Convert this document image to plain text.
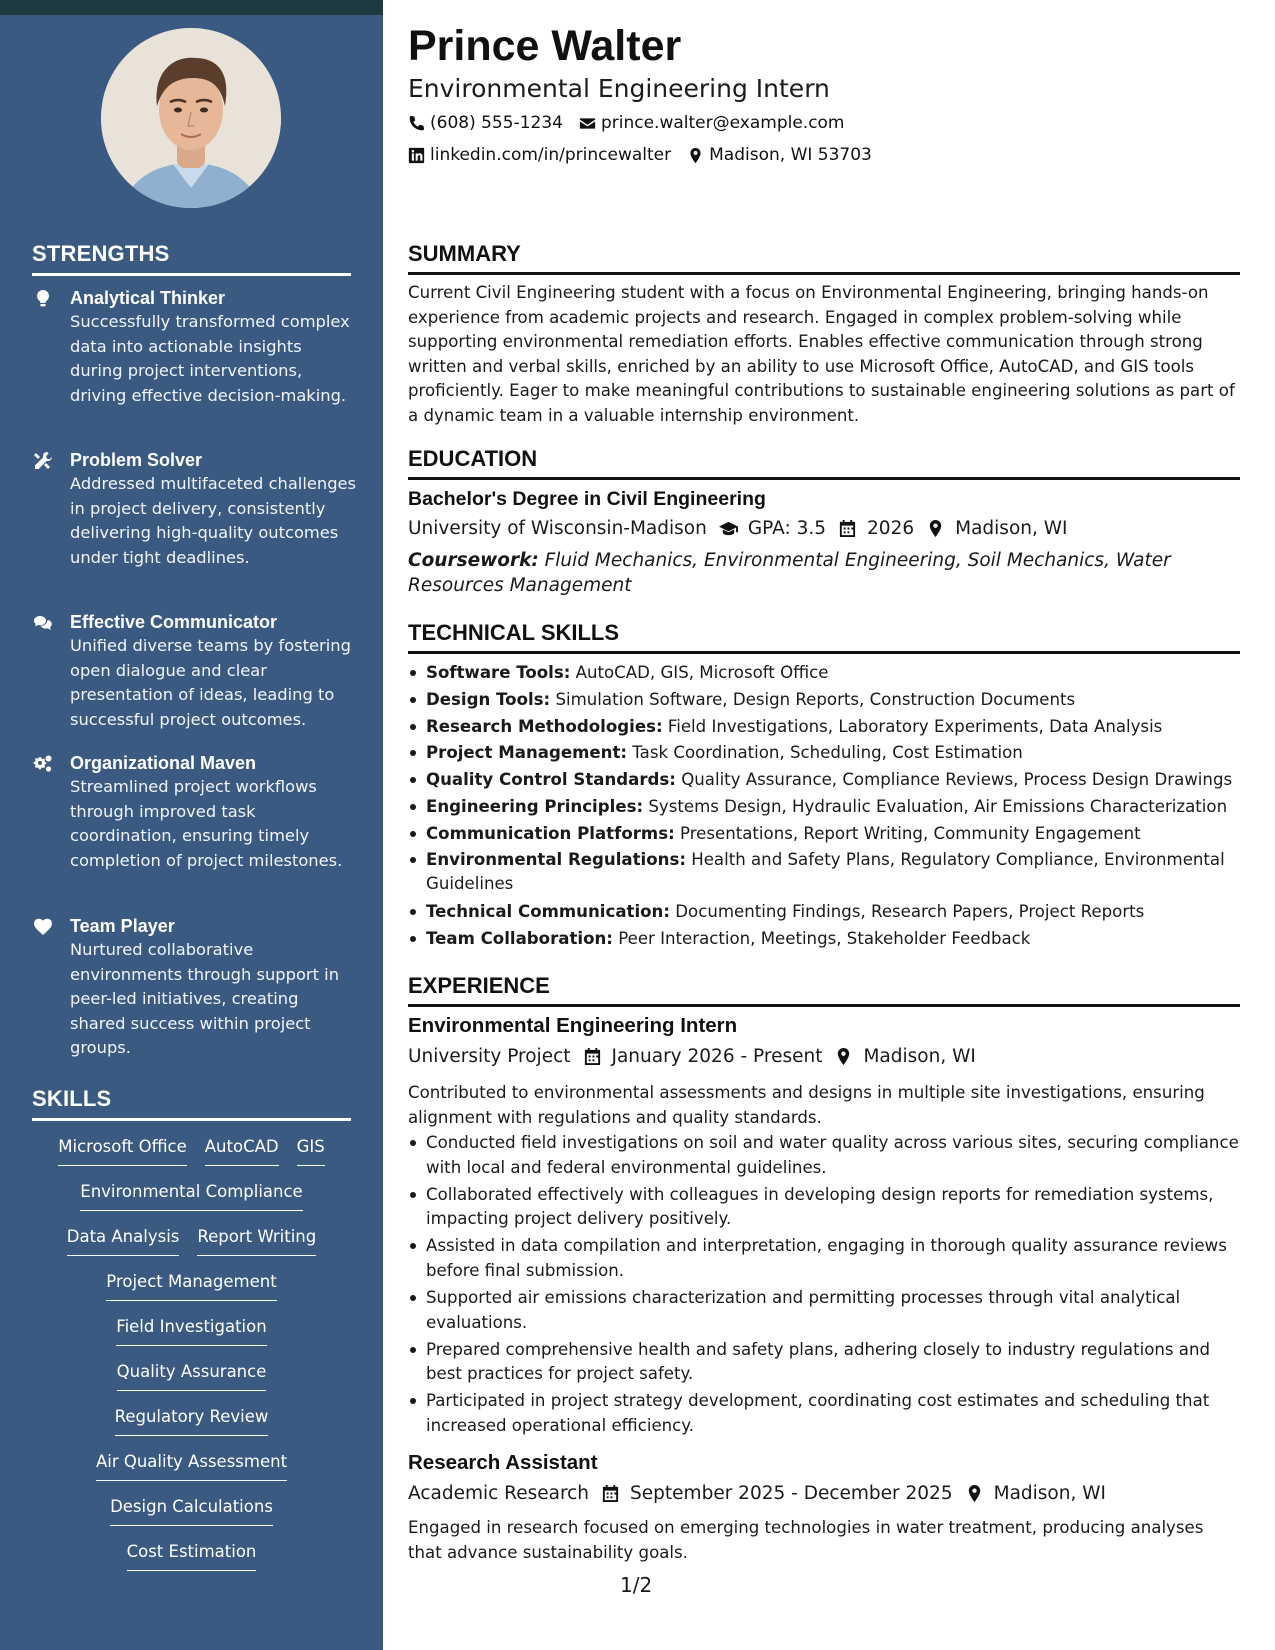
STRENGTHS
Analytical Thinker
Successfully transformed complex data into actionable insights during project interventions, driving effective decision-making.
Problem Solver
Addressed multifaceted challenges in project delivery, consistently delivering high-quality outcomes under tight deadlines.
Effective Communicator
Unified diverse teams by fostering open dialogue and clear presentation of ideas, leading to successful project outcomes.
Organizational Maven
Streamlined project workflows through improved task coordination, ensuring timely completion of project milestones.
Team Player
Nurtured collaborative environments through support in peer-led initiatives, creating shared success within project groups.
SKILLS
Microsoft Office AutoCAD GIS
Environmental Compliance
Data Analysis Report Writing
Project Management
Field Investigation
Quality Assurance
Regulatory Review
Air Quality Assessment
Design Calculations
Cost Estimation
Prince Walter
Environmental Engineering Intern
(608) 555-1234 prince.walter@example.com
linkedin.com/in/princewalter Madison, WI 53703
SUMMARY
Current Civil Engineering student with a focus on Environmental Engineering, bringing hands-on experience from academic projects and research. Engaged in complex problem-solving while supporting environmental remediation efforts. Enables effective communication through strong written and verbal skills, enriched by an ability to use Microsoft Office, AutoCAD, and GIS tools proficiently. Eager to make meaningful contributions to sustainable engineering solutions as part of a dynamic team in a valuable internship environment.
EDUCATION
Bachelor's Degree in Civil Engineering
University of Wisconsin-Madison GPA: 3.5 2026 Madison, WI
Coursework: Fluid Mechanics, Environmental Engineering, Soil Mechanics, Water Resources Management
TECHNICAL SKILLS
Software Tools: AutoCAD, GIS, Microsoft Office
Design Tools: Simulation Software, Design Reports, Construction Documents
Research Methodologies: Field Investigations, Laboratory Experiments, Data Analysis
Project Management: Task Coordination, Scheduling, Cost Estimation
Quality Control Standards: Quality Assurance, Compliance Reviews, Process Design Drawings
Engineering Principles: Systems Design, Hydraulic Evaluation, Air Emissions Characterization
Communication Platforms: Presentations, Report Writing, Community Engagement
Environmental Regulations: Health and Safety Plans, Regulatory Compliance, Environmental Guidelines
Technical Communication: Documenting Findings, Research Papers, Project Reports
Team Collaboration: Peer Interaction, Meetings, Stakeholder Feedback
EXPERIENCE
Environmental Engineering Intern
University Project January 2026 - Present Madison, WI
Contributed to environmental assessments and designs in multiple site investigations, ensuring alignment with regulations and quality standards.
Conducted field investigations on soil and water quality across various sites, securing compliance with local and federal environmental guidelines.
Collaborated effectively with colleagues in developing design reports for remediation systems, impacting project delivery positively.
Assisted in data compilation and interpretation, engaging in thorough quality assurance reviews before final submission.
Supported air emissions characterization and permitting processes through vital analytical evaluations.
Prepared comprehensive health and safety plans, adhering closely to industry regulations and best practices for project safety.
Participated in project strategy development, coordinating cost estimates and scheduling that increased operational efficiency.
Research Assistant
Academic Research September 2025 - December 2025 Madison, WI
Engaged in research focused on emerging technologies in water treatment, producing analyses that advance sustainability goals.
1/2
